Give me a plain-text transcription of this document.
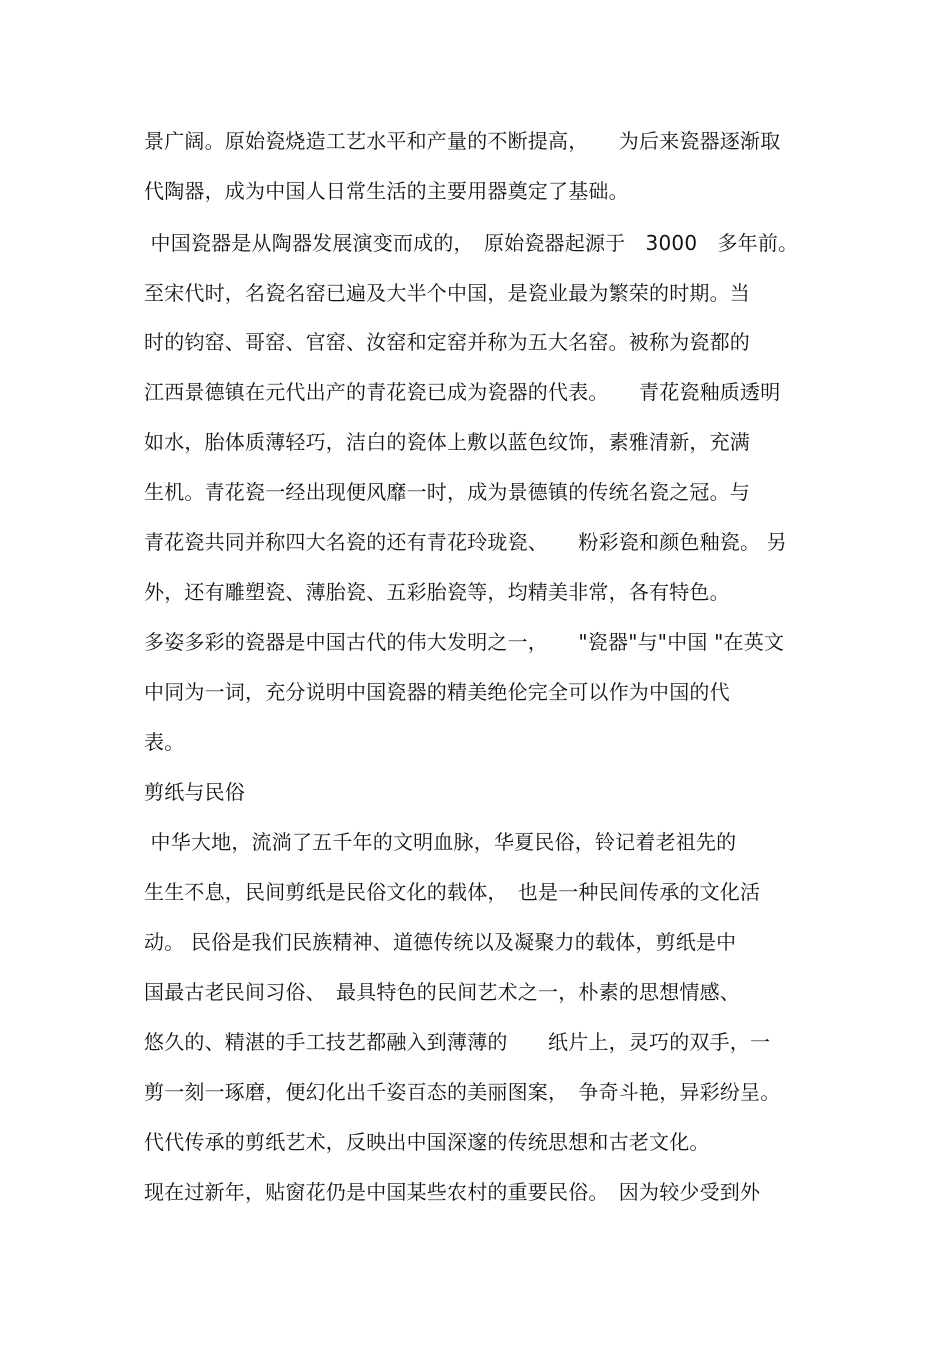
景广阔。原始瓷烧造工艺水平和产量的不断提高，　　为后来瓷器逐渐取
代陶器，成为中国人日常生活的主要用器奠定了基础。
中国瓷器是从陶器发展演变而成的，　原始瓷器起源于　3000　多年前。
至宋代时，名瓷名窑已遍及大半个中国，是瓷业最为繁荣的时期。当
时的钧窑、哥窑、官窑、汝窑和定窑并称为五大名窑。被称为瓷都的
江西景德镇在元代出产的青花瓷已成为瓷器的代表。　　青花瓷釉质透明
如水，胎体质薄轻巧，洁白的瓷体上敷以蓝色纹饰，素雅清新，充满
生机。青花瓷一经出现便风靡一时，成为景德镇的传统名瓷之冠。与
青花瓷共同并称四大名瓷的还有青花玲珑瓷、　　粉彩瓷和颜色釉瓷。 另
外，还有雕塑瓷、薄胎瓷、五彩胎瓷等，均精美非常，各有特色。
多姿多彩的瓷器是中国古代的伟大发明之一，　　"瓷器"与"中国 "在英文
中同为一词，充分说明中国瓷器的精美绝伦完全可以作为中国的代
表。
剪纸与民俗
中华大地，流淌了五千年的文明血脉，华夏民俗，铃记着老祖先的
生生不息，民间剪纸是民俗文化的载体，　也是一种民间传承的文化活
动。 民俗是我们民族精神、道德传统以及凝聚力的载体，剪纸是中
国最古老民间习俗、　最具特色的民间艺术之一，朴素的思想情感、
悠久的、精湛的手工技艺都融入到薄薄的　　纸片上，灵巧的双手，一
剪一刻一琢磨，便幻化出千姿百态的美丽图案，　争奇斗艳，异彩纷呈。
代代传承的剪纸艺术，反映出中国深邃的传统思想和古老文化。
现在过新年，贴窗花仍是中国某些农村的重要民俗。　因为较少受到外
